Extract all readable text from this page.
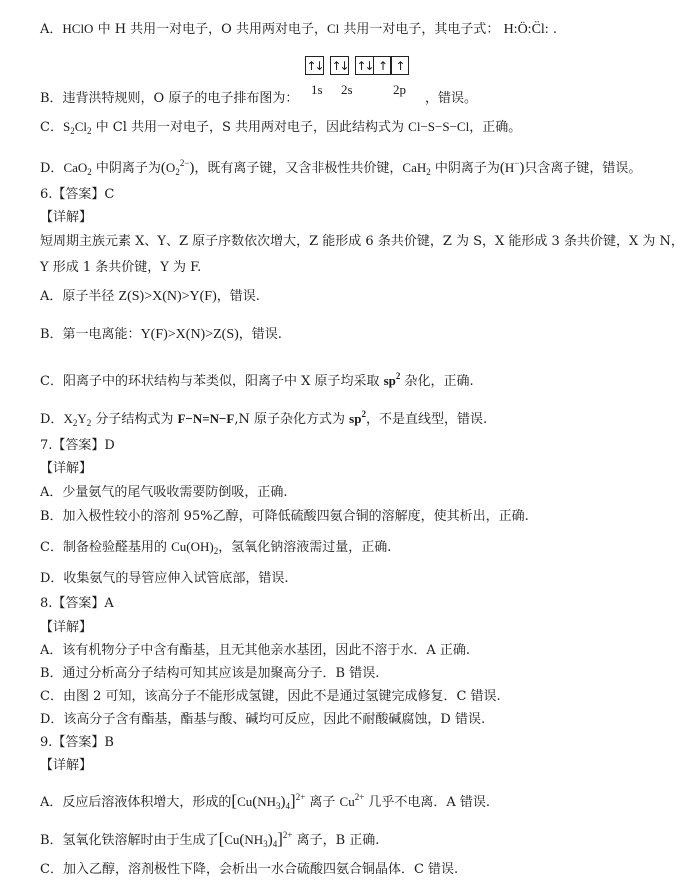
A．HClO 中 H 共用一对电子，O 共用两对电子，Cl 共用一对电子，其电子式： H:Ö:C̈l: .
↑↓ ↑↓ ↑↓ ↑ ↑
1s 2s	2p
B．违背洪特规则，O 原子的电子排布图为：	，错误。
C．$S_2Cl_2$ 中 Cl 共用一对电子，S 共用两对电子，因此结构式为 Cl−S−S−Cl，正确。
D．CaO$_2$ 中阴离子为$(O_2^{2-})$，既有离子键，又含非极性共价键，CaH$_2$ 中阴离子为(H−)只含离子键，错误。
6.【答案】C
【详解】
短周期主族元素 X、Y、Z 原子序数依次增大，Z 能形成 6 条共价键，Z 为 S，X 能形成 3 条共价键，X 为 N，
Y 形成 1 条共价键，Y 为 F.
A．原子半径 Z(S)>X(N)>Y(F)，错误.
B．第一电离能：Y(F)>X(N)>Z(S)，错误.
C．阳离子中的环状结构与苯类似，阳离子中 X 原子均采取 $sp^2$ 杂化，正确.
D．$X_2Y_2$ 分子结构式为 F−N=N−F,N 原子杂化方式为 $sp^2$，不是直线型，错误.
7.【答案】D
【详解】
A．少量氨气的尾气吸收需要防倒吸，正确.
B．加入极性较小的溶剂 95%乙醇，可降低硫酸四氨合铜的溶解度，使其析出，正确.
C．制备检验醛基用的 $Cu(OH)_2$，氢氧化钠溶液需过量，正确.
D．收集氨气的导管应伸入试管底部，错误.
8.【答案】A
【详解】
A．该有机物分子中含有酯基，且无其他亲水基团，因此不溶于水．A 正确.
B．通过分析高分子结构可知其应该是加聚高分子．B 错误.
C．由图 2 可知，该高分子不能形成氢键，因此不是通过氢键完成修复．C 错误.
D．该高分子含有酯基，酯基与酸、碱均可反应，因此不耐酸碱腐蚀，D 错误.
9.【答案】B
【详解】
A．反应后溶液体积增大，形成的$[Cu(NH_3)_4]^{2+}$ 离子 $Cu^{2+}$ 几乎不电离．A 错误.
B．氢氧化铁溶解时由于生成了$[Cu(NH_3)_4]^{2+}$ 离子，B 正确.
C．加入乙醇，溶剂极性下降，会析出一水合硫酸四氨合铜晶体．C 错误.
